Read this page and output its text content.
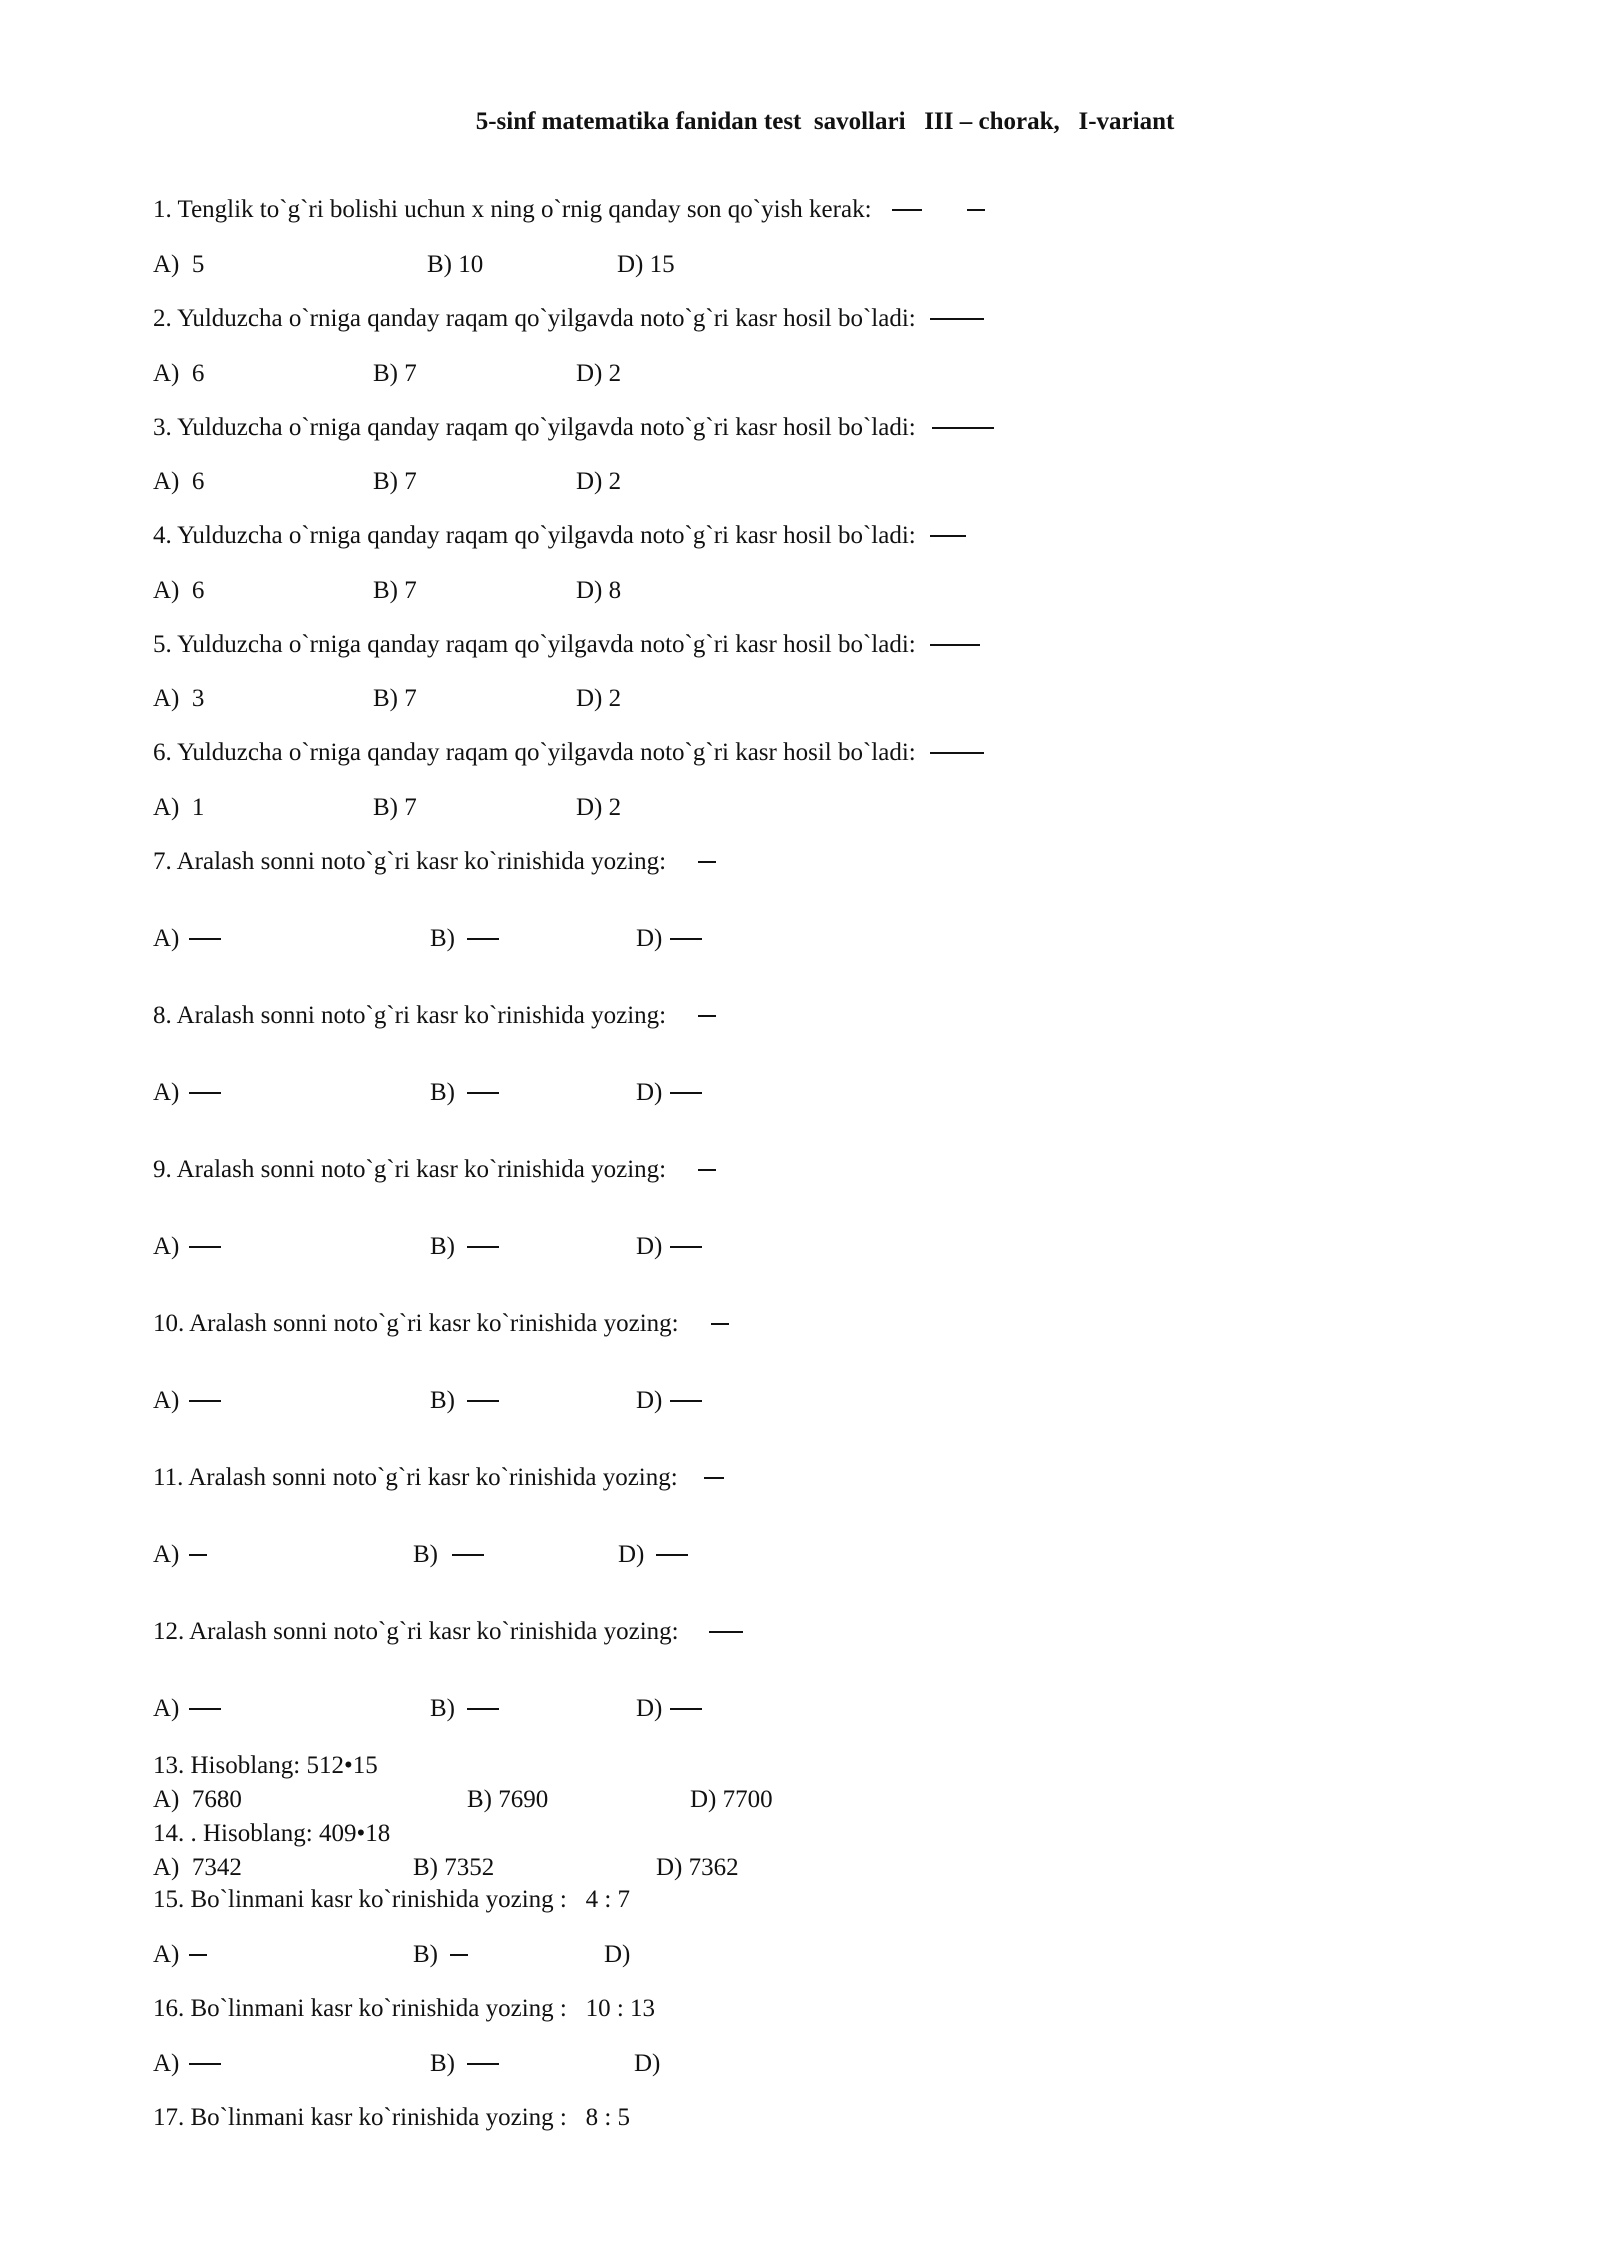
5-sinf matematika fanidan test  savollari   III – chorak,   I-variant
1. Tenglik to`g`ri bolishi uchun x ning o`rnig qanday son qo`yish kerak:
A)  5	B) 10	D) 15
2. Yulduzcha o`rniga qanday raqam qo`yilgavda noto`g`ri kasr hosil bo`ladi:
A)  6	B) 7	D) 2
3. Yulduzcha o`rniga qanday raqam qo`yilgavda noto`g`ri kasr hosil bo`ladi:
A)  6	B) 7	D) 2
4. Yulduzcha o`rniga qanday raqam qo`yilgavda noto`g`ri kasr hosil bo`ladi:
A)  6	B) 7	D) 8
5. Yulduzcha o`rniga qanday raqam qo`yilgavda noto`g`ri kasr hosil bo`ladi:
A)  3	B) 7	D) 2
6. Yulduzcha o`rniga qanday raqam qo`yilgavda noto`g`ri kasr hosil bo`ladi:
A)  1	B) 7	D) 2
7. Aralash sonni noto`g`ri kasr ko`rinishida yozing:
A)	B)	D)
8. Aralash sonni noto`g`ri kasr ko`rinishida yozing:
A)	B)	D)
9. Aralash sonni noto`g`ri kasr ko`rinishida yozing:
A)	B)	D)
10. Aralash sonni noto`g`ri kasr ko`rinishida yozing:
A)	B)	D)
11. Aralash sonni noto`g`ri kasr ko`rinishida yozing:
A)	B)	D)
12. Aralash sonni noto`g`ri kasr ko`rinishida yozing:
A)	B)	D)
13. Hisoblang: 512•15
A)  7680	B) 7690	D) 7700
14. . Hisoblang: 409•18
A)  7342	B) 7352	D) 7362
15. Bo`linmani kasr ko`rinishida yozing :   4 : 7
A)	B)	D)
16. Bo`linmani kasr ko`rinishida yozing :   10 : 13
A)	B)	D)
17. Bo`linmani kasr ko`rinishida yozing :   8 : 5
